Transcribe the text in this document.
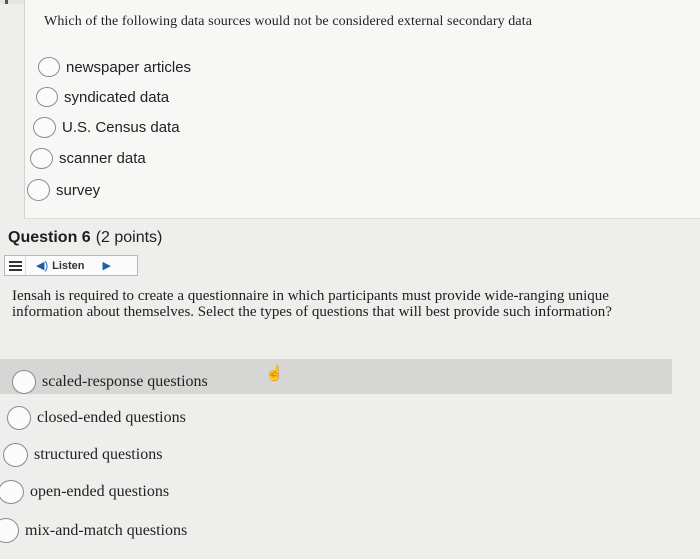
Which of the following data sources would not be considered external secondary data
newspaper articles
syndicated data
U.S. Census data
scanner data
survey
Question 6 (2 points)
◀) Listen ▶
Iensah is required to create a questionnaire in which participants must provide wide-ranging unique information about themselves. Select the types of questions that will best provide such information?
☝
scaled-response questions
closed-ended questions
structured questions
open-ended questions
mix-and-match questions
